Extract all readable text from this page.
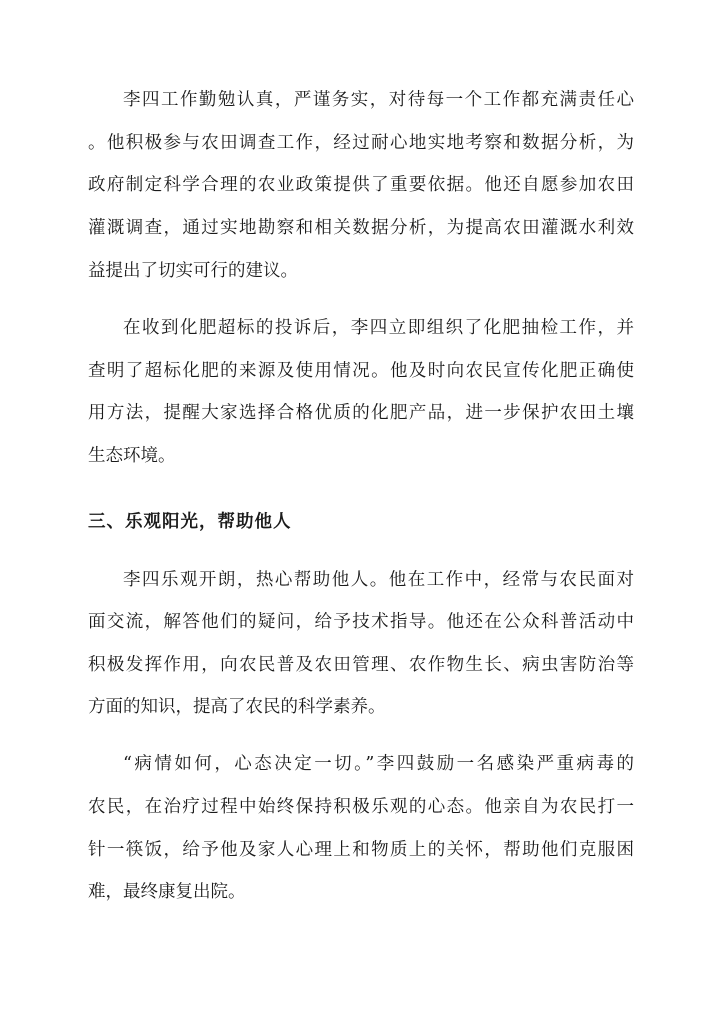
李四工作勤勉认真，严谨务实，对待每一个工作都充满责任心
。他积极参与农田调查工作，经过耐心地实地考察和数据分析，为
政府制定科学合理的农业政策提供了重要依据。他还自愿参加农田
灌溉调查，通过实地勘察和相关数据分析，为提高农田灌溉水利效
益提出了切实可行的建议。
在收到化肥超标的投诉后，李四立即组织了化肥抽检工作，并
查明了超标化肥的来源及使用情况。他及时向农民宣传化肥正确使
用方法，提醒大家选择合格优质的化肥产品，进一步保护农田土壤
生态环境。
三、乐观阳光，帮助他人
李四乐观开朗，热心帮助他人。他在工作中，经常与农民面对
面交流，解答他们的疑问，给予技术指导。他还在公众科普活动中
积极发挥作用，向农民普及农田管理、农作物生长、病虫害防治等
方面的知识，提高了农民的科学素养。
“病情如何，心态决定一切。”李四鼓励一名感染严重病毒的
农民，在治疗过程中始终保持积极乐观的心态。他亲自为农民打一
针一筷饭，给予他及家人心理上和物质上的关怀，帮助他们克服困
难，最终康复出院。
